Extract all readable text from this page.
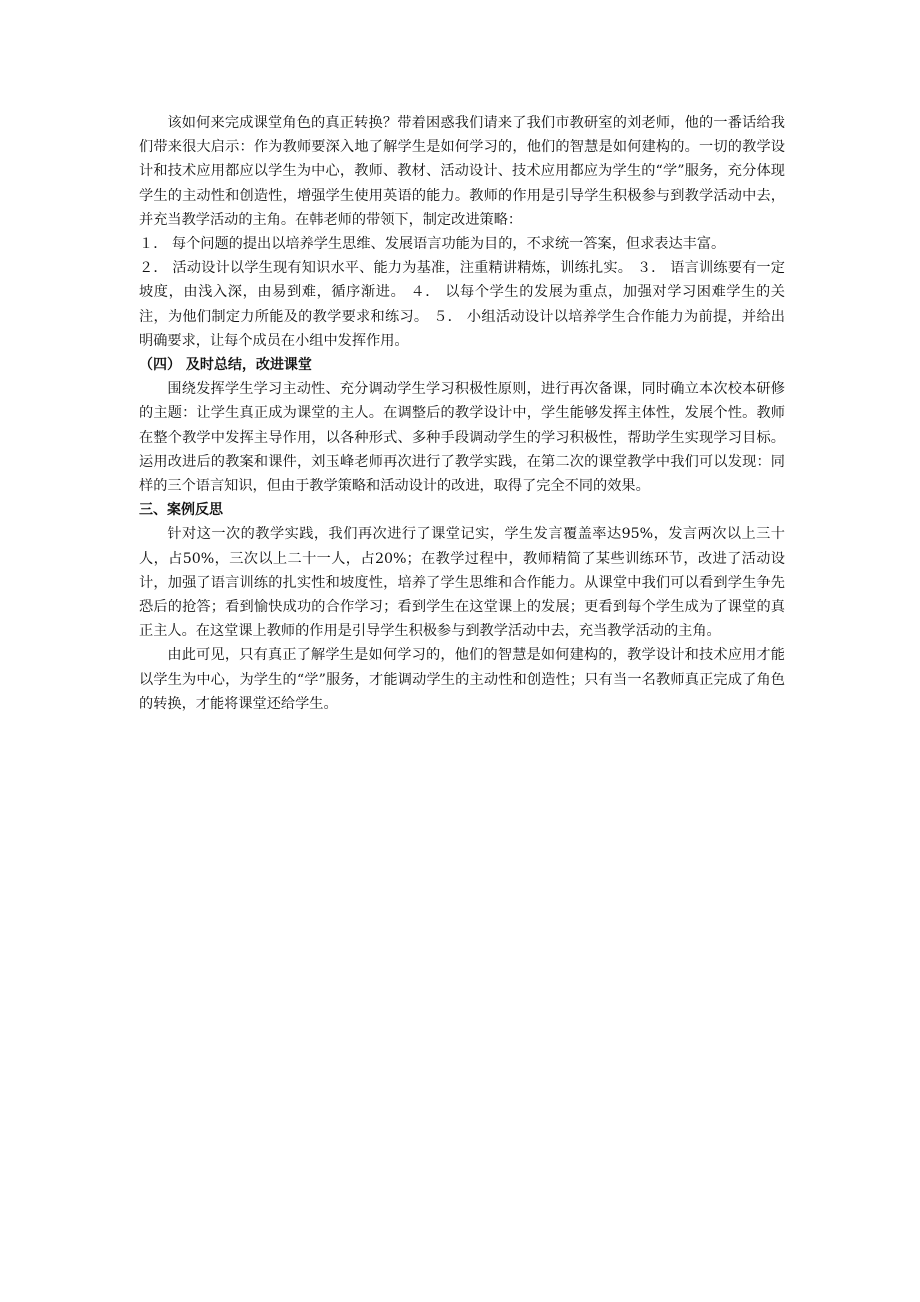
该如何来完成课堂角色的真正转换？带着困惑我们请来了我们市教研室的刘老师，他的一番话给我们带来很大启示：作为教师要深入地了解学生是如何学习的，他们的智慧是如何建构的。一切的教学设计和技术应用都应以学生为中心，教师、教材、活动设计、技术应用都应为学生的“学”服务，充分体现学生的主动性和创造性，增强学生使用英语的能力。教师的作用是引导学生积极参与到教学活动中去，并充当教学活动的主角。在韩老师的带领下，制定改进策略：

１． 每个问题的提出以培养学生思维、发展语言功能为目的，不求统一答案，但求表达丰富。

２． 活动设计以学生现有知识水平、能力为基准，注重精讲精炼，训练扎实。 ３． 语言训练要有一定坡度，由浅入深，由易到难，循序渐进。 ４． 以每个学生的发展为重点，加强对学习困难学生的关注，为他们制定力所能及的教学要求和练习。 ５． 小组活动设计以培养学生合作能力为前提，并给出明确要求，让每个成员在小组中发挥作用。

（四） 及时总结，改进课堂

围绕发挥学生学习主动性、充分调动学生学习积极性原则，进行再次备课，同时确立本次校本研修的主题：让学生真正成为课堂的主人。在调整后的教学设计中，学生能够发挥主体性，发展个性。教师在整个教学中发挥主导作用，以各种形式、多种手段调动学生的学习积极性，帮助学生实现学习目标。运用改进后的教案和课件，刘玉峰老师再次进行了教学实践，在第二次的课堂教学中我们可以发现：同样的三个语言知识，但由于教学策略和活动设计的改进，取得了完全不同的效果。

三、案例反思

针对这一次的教学实践，我们再次进行了课堂记实，学生发言覆盖率达95%，发言两次以上三十人，占50%，三次以上二十一人，占20%；在教学过程中，教师精简了某些训练环节，改进了活动设计，加强了语言训练的扎实性和坡度性，培养了学生思维和合作能力。从课堂中我们可以看到学生争先恐后的抢答；看到愉快成功的合作学习；看到学生在这堂课上的发展；更看到每个学生成为了课堂的真正主人。在这堂课上教师的作用是引导学生积极参与到教学活动中去，充当教学活动的主角。

由此可见，只有真正了解学生是如何学习的，他们的智慧是如何建构的，教学设计和技术应用才能以学生为中心，为学生的“学”服务，才能调动学生的主动性和创造性；只有当一名教师真正完成了角色的转换，才能将课堂还给学生。
